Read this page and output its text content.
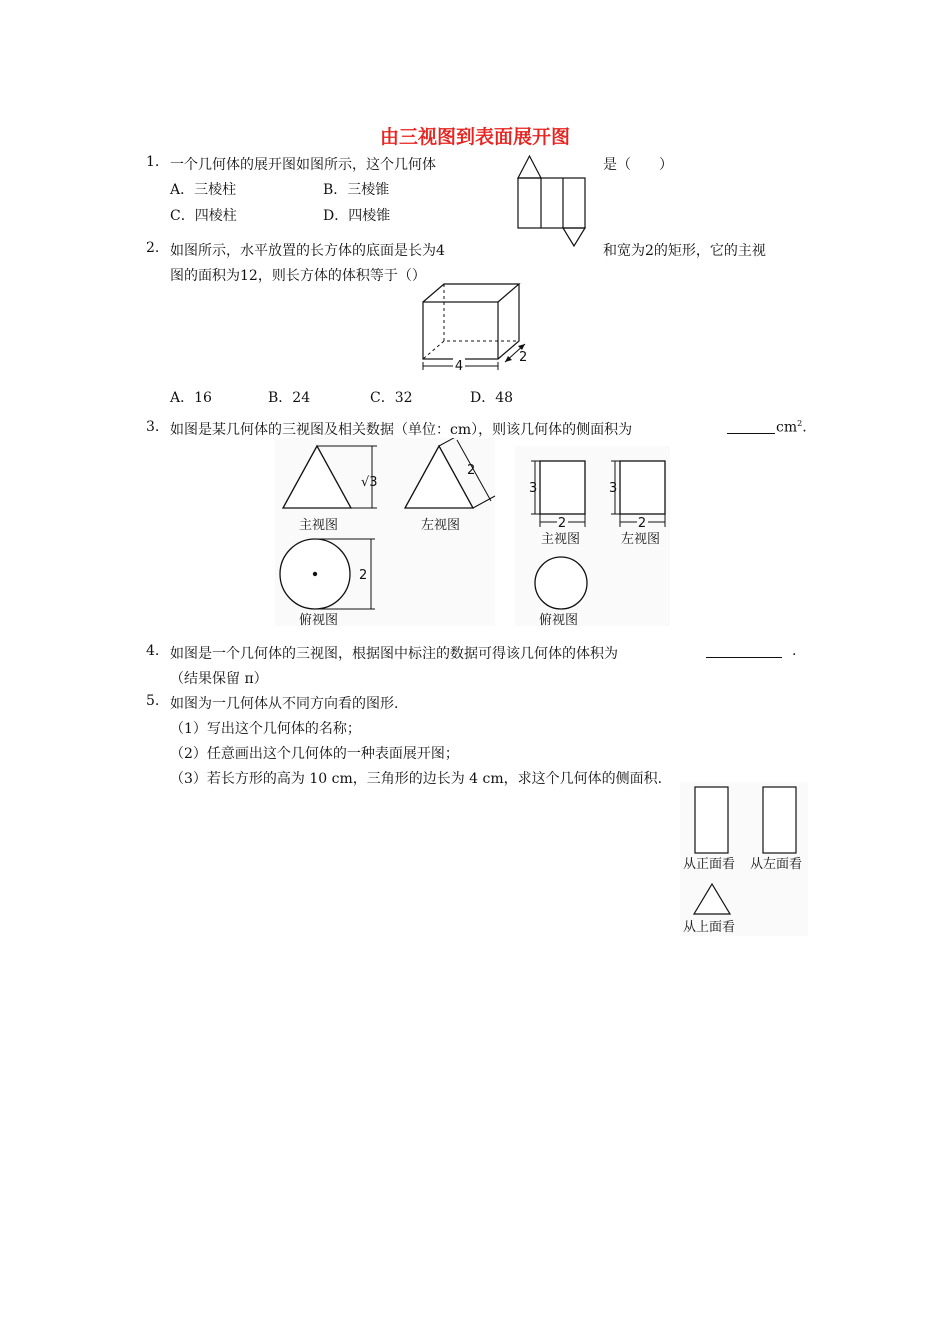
由三视图到表面展开图
1. 一个几何体的展开图如图所示，这个几何体	是（　　）
A．三棱柱	B．三棱锥
C．四棱柱	D．四棱锥
2. 如图所示，水平放置的长方体的底面是长为4	和宽为2的矩形，它的主视
图的面积为12，则长方体的体积等于（）
4
2
A．16	B．24	C．32	D．48
3. 如图是某几何体的三视图及相关数据（单位：cm），则该几何体的侧面积为	$cm^2$.
√3
主视图
2
左视图
2
俯视图
3
2
主视图
3
2
左视图
俯视图
4. 如图是一个几何体的三视图，根据图中标注的数据可得该几何体的体积为	.
（结果保留 π）
5. 如图为一几何体从不同方向看的图形.
（1）写出这个几何体的名称；
（2）任意画出这个几何体的一种表面展开图；
（3）若长方形的高为 10 cm，三角形的边长为 4 cm，求这个几何体的侧面积.
从正面看 从左面看
从上面看
